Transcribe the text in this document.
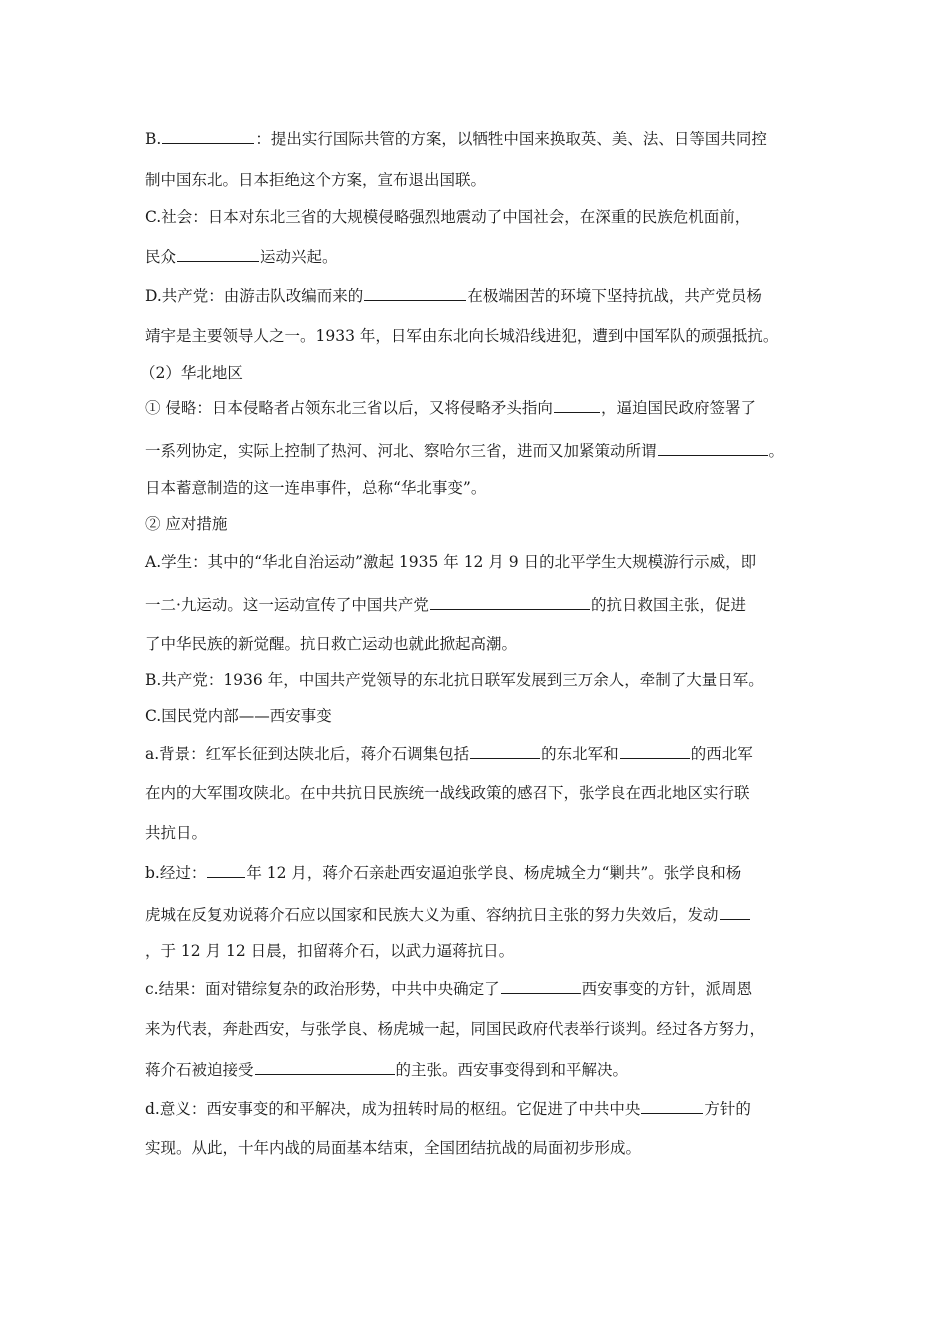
B.	：提出实行国际共管的方案，以牺牲中国来换取英、美、法、日等国共同控
制中国东北。日本拒绝这个方案，宣布退出国联。
C.社会：日本对东北三省的大规模侵略强烈地震动了中国社会，在深重的民族危机面前，
民众	运动兴起。
D.共产党：由游击队改编而来的	在极端困苦的环境下坚持抗战，共产党员杨
靖宇是主要领导人之一。1933 年，日军由东北向长城沿线进犯，遭到中国军队的顽强抵抗。
（2）华北地区
① 侵略：日本侵略者占领东北三省以后，又将侵略矛头指向	，逼迫国民政府签署了
一系列协定，实际上控制了热河、河北、察哈尔三省，进而又加紧策动所谓	。
日本蓄意制造的这一连串事件，总称“华北事变”。
② 应对措施
A.学生：其中的“华北自治运动”激起 1935 年 12 月 9 日的北平学生大规模游行示威，即
一二·九运动。这一运动宣传了中国共产党	的抗日救国主张，促进
了中华民族的新觉醒。抗日救亡运动也就此掀起高潮。
B.共产党：1936 年，中国共产党领导的东北抗日联军发展到三万余人，牵制了大量日军。
C.国民党内部——西安事变
a.背景：红军长征到达陕北后，蒋介石调集包括	的东北军和	的西北军
在内的大军围攻陕北。在中共抗日民族统一战线政策的感召下，张学良在西北地区实行联
共抗日。
b.经过：	年 12 月，蒋介石亲赴西安逼迫张学良、杨虎城全力“剿共”。张学良和杨
虎城在反复劝说蒋介石应以国家和民族大义为重、容纳抗日主张的努力失效后，发动
，于 12 月 12 日晨，扣留蒋介石，以武力逼蒋抗日。
c.结果：面对错综复杂的政治形势，中共中央确定了	西安事变的方针，派周恩
来为代表，奔赴西安，与张学良、杨虎城一起，同国民政府代表举行谈判。经过各方努力，
蒋介石被迫接受	的主张。西安事变得到和平解决。
d.意义：西安事变的和平解决，成为扭转时局的枢纽。它促进了中共中央	方针的
实现。从此，十年内战的局面基本结束，全国团结抗战的局面初步形成。
